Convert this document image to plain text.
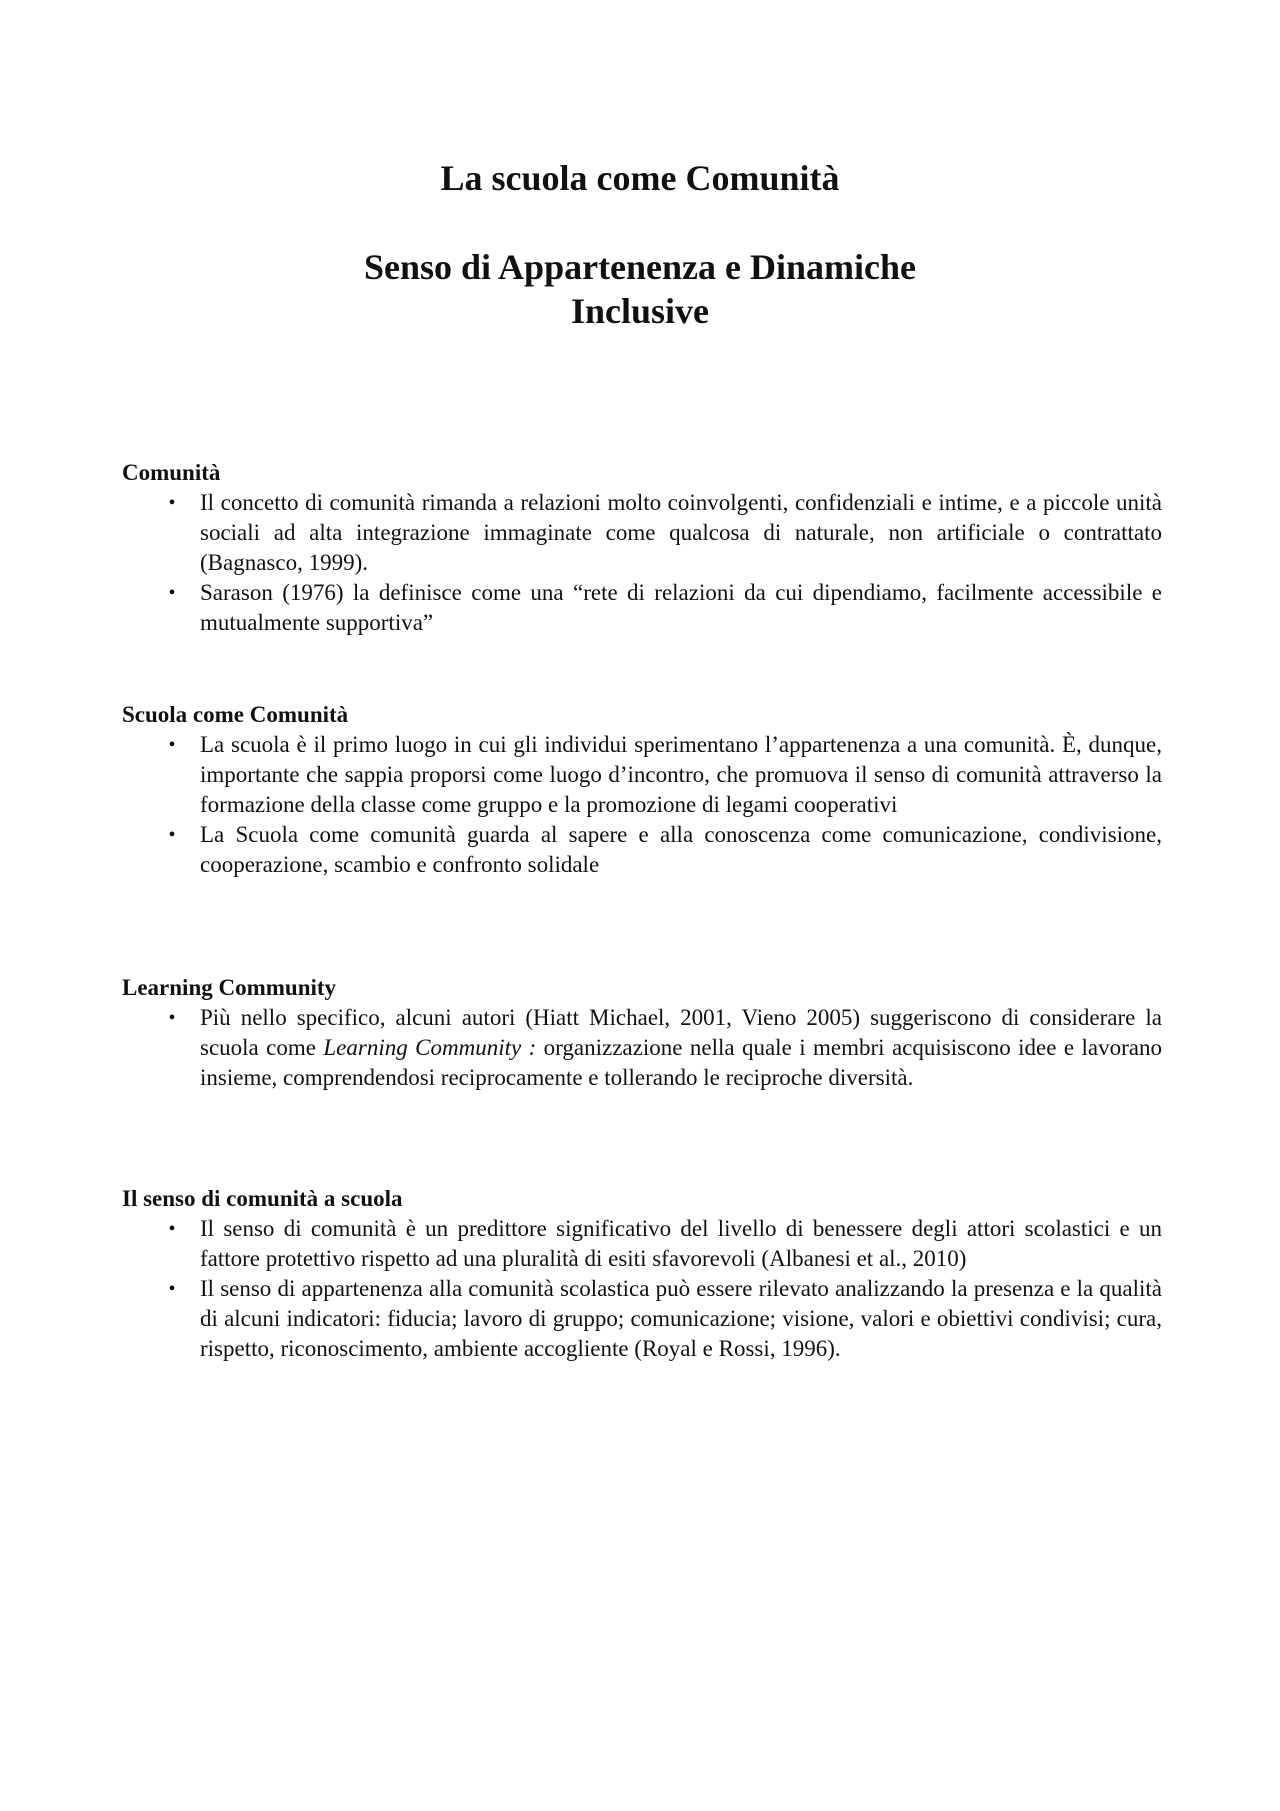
La scuola come Comunità
Senso di Appartenenza e Dinamiche
Inclusive

Comunità

• Il concetto di comunità rimanda a relazioni molto coinvolgenti, confidenziali e intime, e a piccole unità sociali ad alta integrazione immaginate come qualcosa di naturale, non artificiale o contrattato (Bagnasco, 1999).
• Sarason (1976) la definisce come una “rete di relazioni da cui dipendiamo, facilmente accessibile e mutualmente supportiva”

Scuola come Comunità

• La scuola è il primo luogo in cui gli individui sperimentano l’appartenenza a una comunità. È, dunque, importante che sappia proporsi come luogo d’incontro, che promuova il senso di comunità attraverso la formazione della classe come gruppo e la promozione di legami cooperativi
• La Scuola come comunità guarda al sapere e alla conoscenza come comunicazione, condivisione, cooperazione, scambio e confronto solidale

Learning Community

• Più nello specifico, alcuni autori (Hiatt Michael, 2001, Vieno 2005) suggeriscono di considerare la scuola come Learning Community : organizzazione nella quale i membri acquisiscono idee e lavorano insieme, comprendendosi reciprocamente e tollerando le reciproche diversità.

Il senso di comunità a scuola

• Il senso di comunità è un predittore significativo del livello di benessere degli attori scolastici e un fattore protettivo rispetto ad una pluralità di esiti sfavorevoli (Albanesi et al., 2010)
• Il senso di appartenenza alla comunità scolastica può essere rilevato analizzando la presenza e la qualità di alcuni indicatori: fiducia; lavoro di gruppo; comunicazione; visione, valori e obiettivi condivisi; cura, rispetto, riconoscimento, ambiente accogliente (Royal e Rossi, 1996).
